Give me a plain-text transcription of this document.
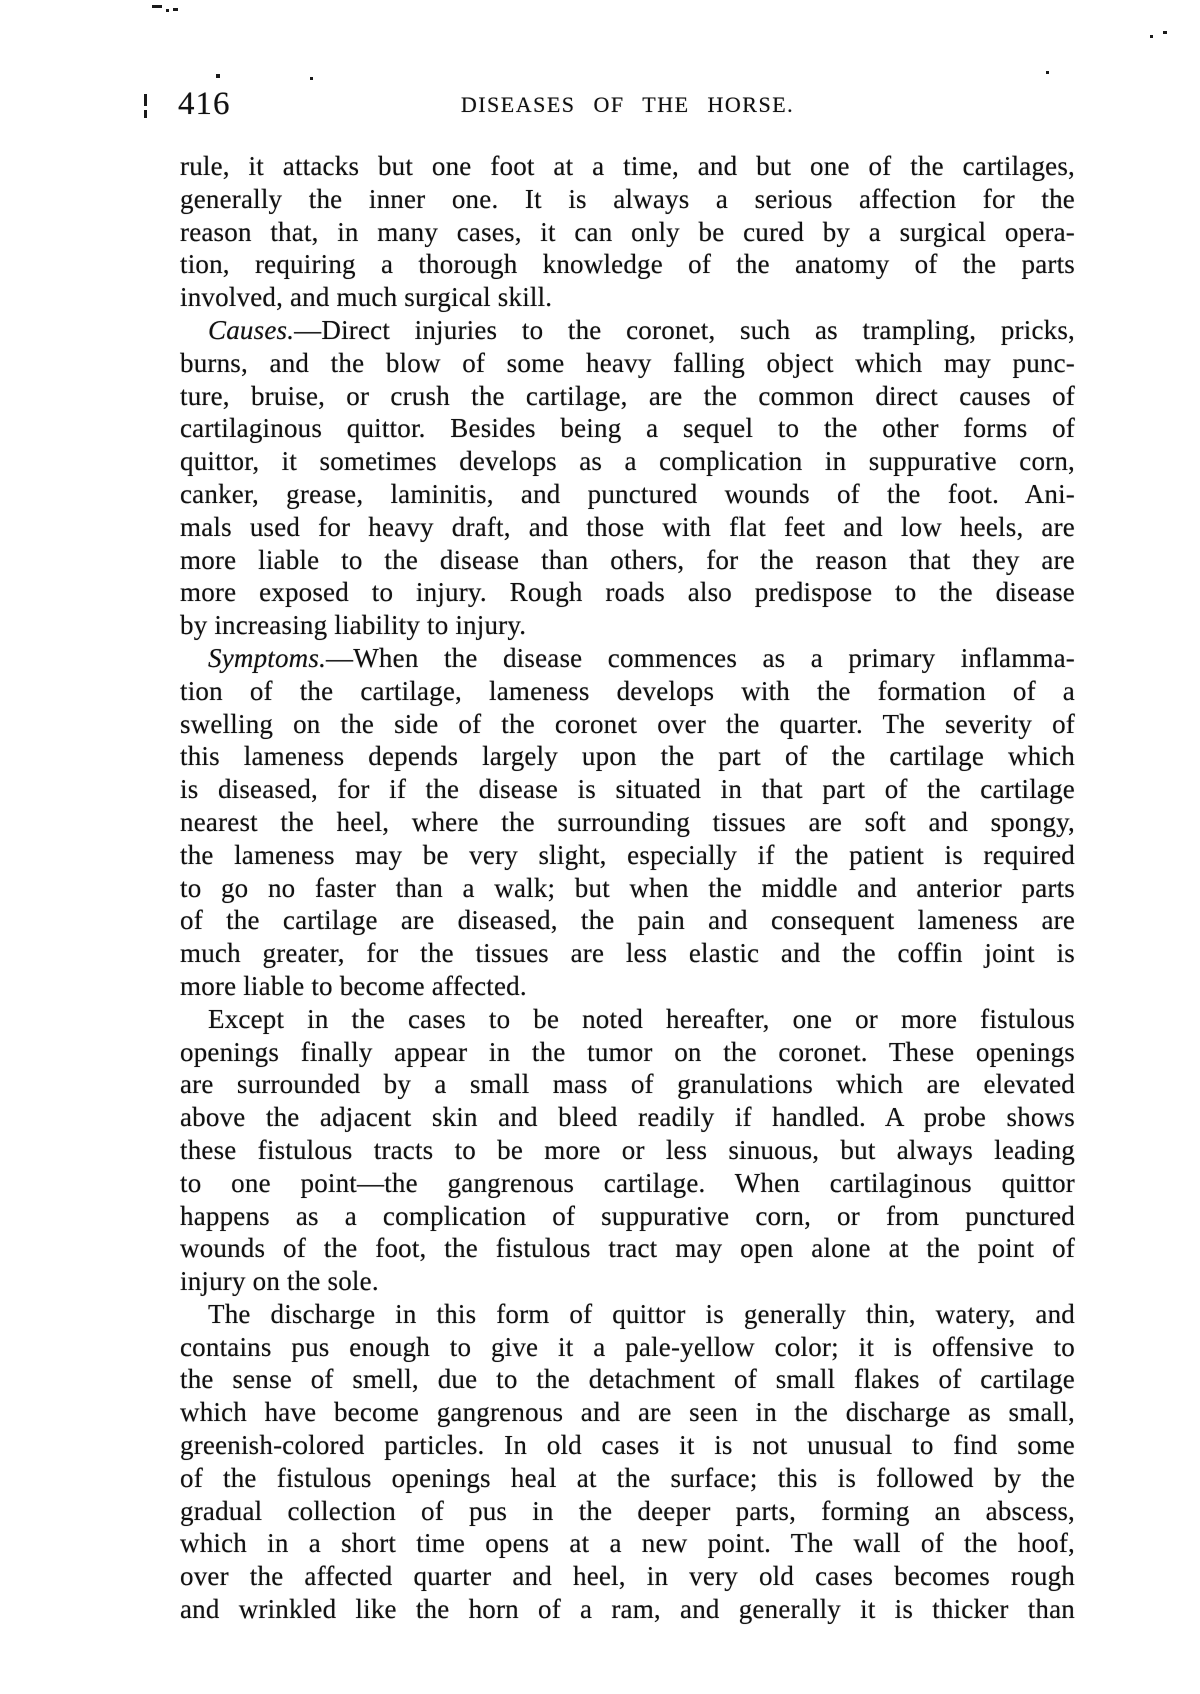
416	DISEASES OF THE HORSE.
rule, it attacks but one foot at a time, and but one of the cartilages,
generally the inner one. It is always a serious affection for the
reason that, in many cases, it can only be cured by a surgical opera-
tion, requiring a thorough knowledge of the anatomy of the parts
involved, and much surgical skill.
Causes.—Direct injuries to the coronet, such as trampling, pricks,
burns, and the blow of some heavy falling object which may punc-
ture, bruise, or crush the cartilage, are the common direct causes of
cartilaginous quittor. Besides being a sequel to the other forms of
quittor, it sometimes develops as a complication in suppurative corn,
canker, grease, laminitis, and punctured wounds of the foot. Ani-
mals used for heavy draft, and those with flat feet and low heels, are
more liable to the disease than others, for the reason that they are
more exposed to injury. Rough roads also predispose to the disease
by increasing liability to injury.
Symptoms.—When the disease commences as a primary inflamma-
tion of the cartilage, lameness develops with the formation of a
swelling on the side of the coronet over the quarter. The severity of
this lameness depends largely upon the part of the cartilage which
is diseased, for if the disease is situated in that part of the cartilage
nearest the heel, where the surrounding tissues are soft and spongy,
the lameness may be very slight, especially if the patient is required
to go no faster than a walk; but when the middle and anterior parts
of the cartilage are diseased, the pain and consequent lameness are
much greater, for the tissues are less elastic and the coffin joint is
more liable to become affected.
Except in the cases to be noted hereafter, one or more fistulous
openings finally appear in the tumor on the coronet. These openings
are surrounded by a small mass of granulations which are elevated
above the adjacent skin and bleed readily if handled. A probe shows
these fistulous tracts to be more or less sinuous, but always leading
to one point—the gangrenous cartilage. When cartilaginous quittor
happens as a complication of suppurative corn, or from punctured
wounds of the foot, the fistulous tract may open alone at the point of
injury on the sole.
The discharge in this form of quittor is generally thin, watery, and
contains pus enough to give it a pale-yellow color; it is offensive to
the sense of smell, due to the detachment of small flakes of cartilage
which have become gangrenous and are seen in the discharge as small,
greenish-colored particles. In old cases it is not unusual to find some
of the fistulous openings heal at the surface; this is followed by the
gradual collection of pus in the deeper parts, forming an abscess,
which in a short time opens at a new point. The wall of the hoof,
over the affected quarter and heel, in very old cases becomes rough
and wrinkled like the horn of a ram, and generally it is thicker than
